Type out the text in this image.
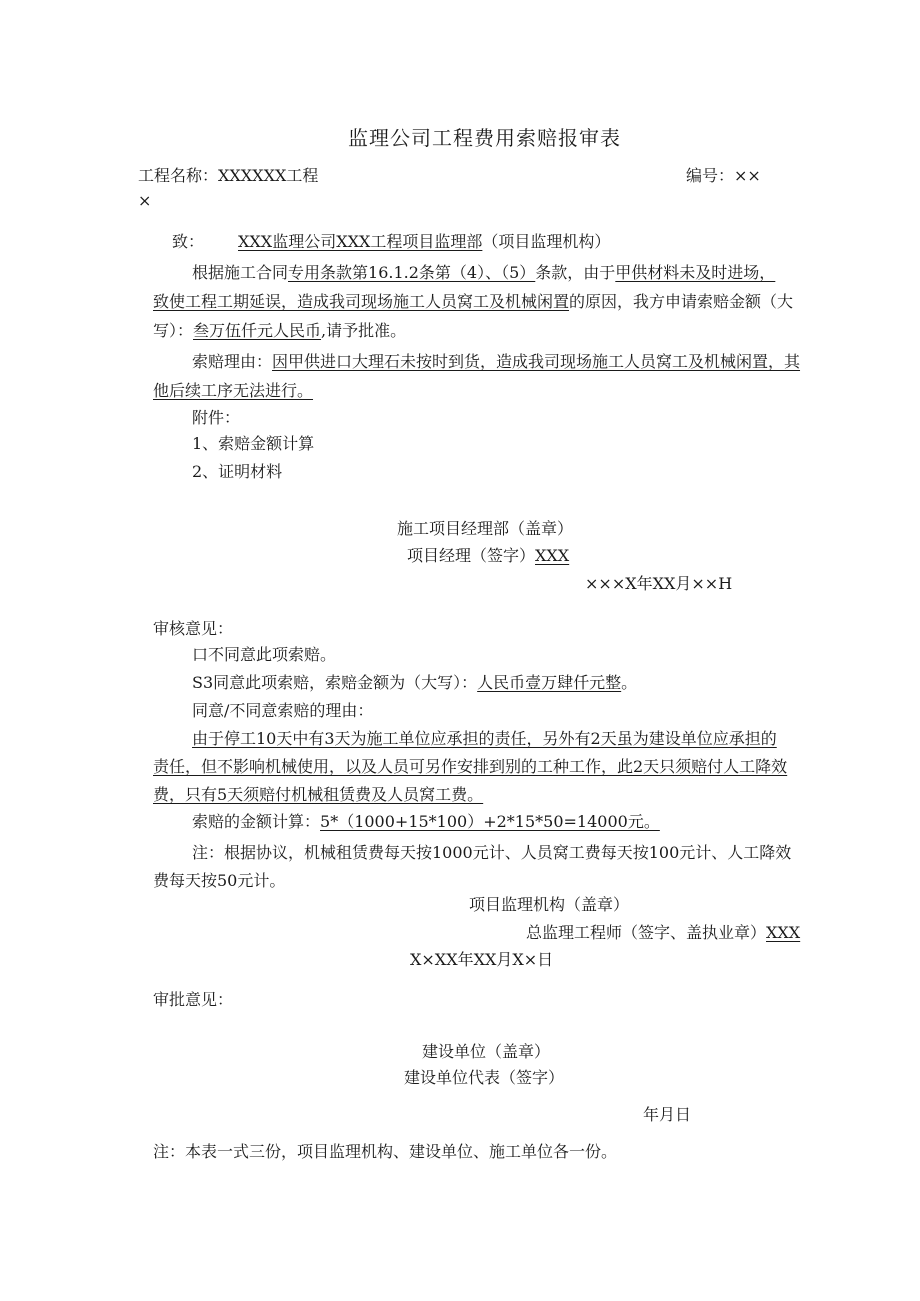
监理公司工程费用索赔报审表
工程名称：XXXXXX工程	编号：××
×
致： XXX监理公司XXX工程项目监理部（项目监理机构）
根据施工合同专用条款第16.1.2条第（4）、（5）条款，由于甲供材料未及时进场，
致使工程工期延误，造成我司现场施工人员窝工及机械闲置的原因，我方申请索赔金额（大
写）：叁万伍仟元人民币,请予批准。
索赔理由：因甲供进口大理石未按时到货，造成我司现场施工人员窝工及机械闲置，其
他后续工序无法进行。
附件：
1、索赔金额计算
2、证明材料
施工项目经理部（盖章）
项目经理（签字）XXX
×××X年XX月××H
审核意见：
口不同意此项索赔。
S3同意此项索赔，索赔金额为（大写）：人民币壹万肆仟元整。
同意/不同意索赔的理由：
由于停工10天中有3天为施工单位应承担的责任，另外有2天虽为建设单位应承担的
责任，但不影响机械使用，以及人员可另作安排到别的工种工作，此2天只须赔付人工降效
费，只有5天须赔付机械租赁费及人员窝工费。
索赔的金额计算：5*（1000+15*100）+2*15*50=14000元。
注：根据协议，机械租赁费每天按1000元计、人员窝工费每天按100元计、人工降效
费每天按50元计。
项目监理机构（盖章）
总监理工程师（签字、盖执业章）XXX
X×XX年XX月X×日
审批意见：
建设单位（盖章）
建设单位代表（签字）
年月日
注：本表一式三份，项目监理机构、建设单位、施工单位各一份。
